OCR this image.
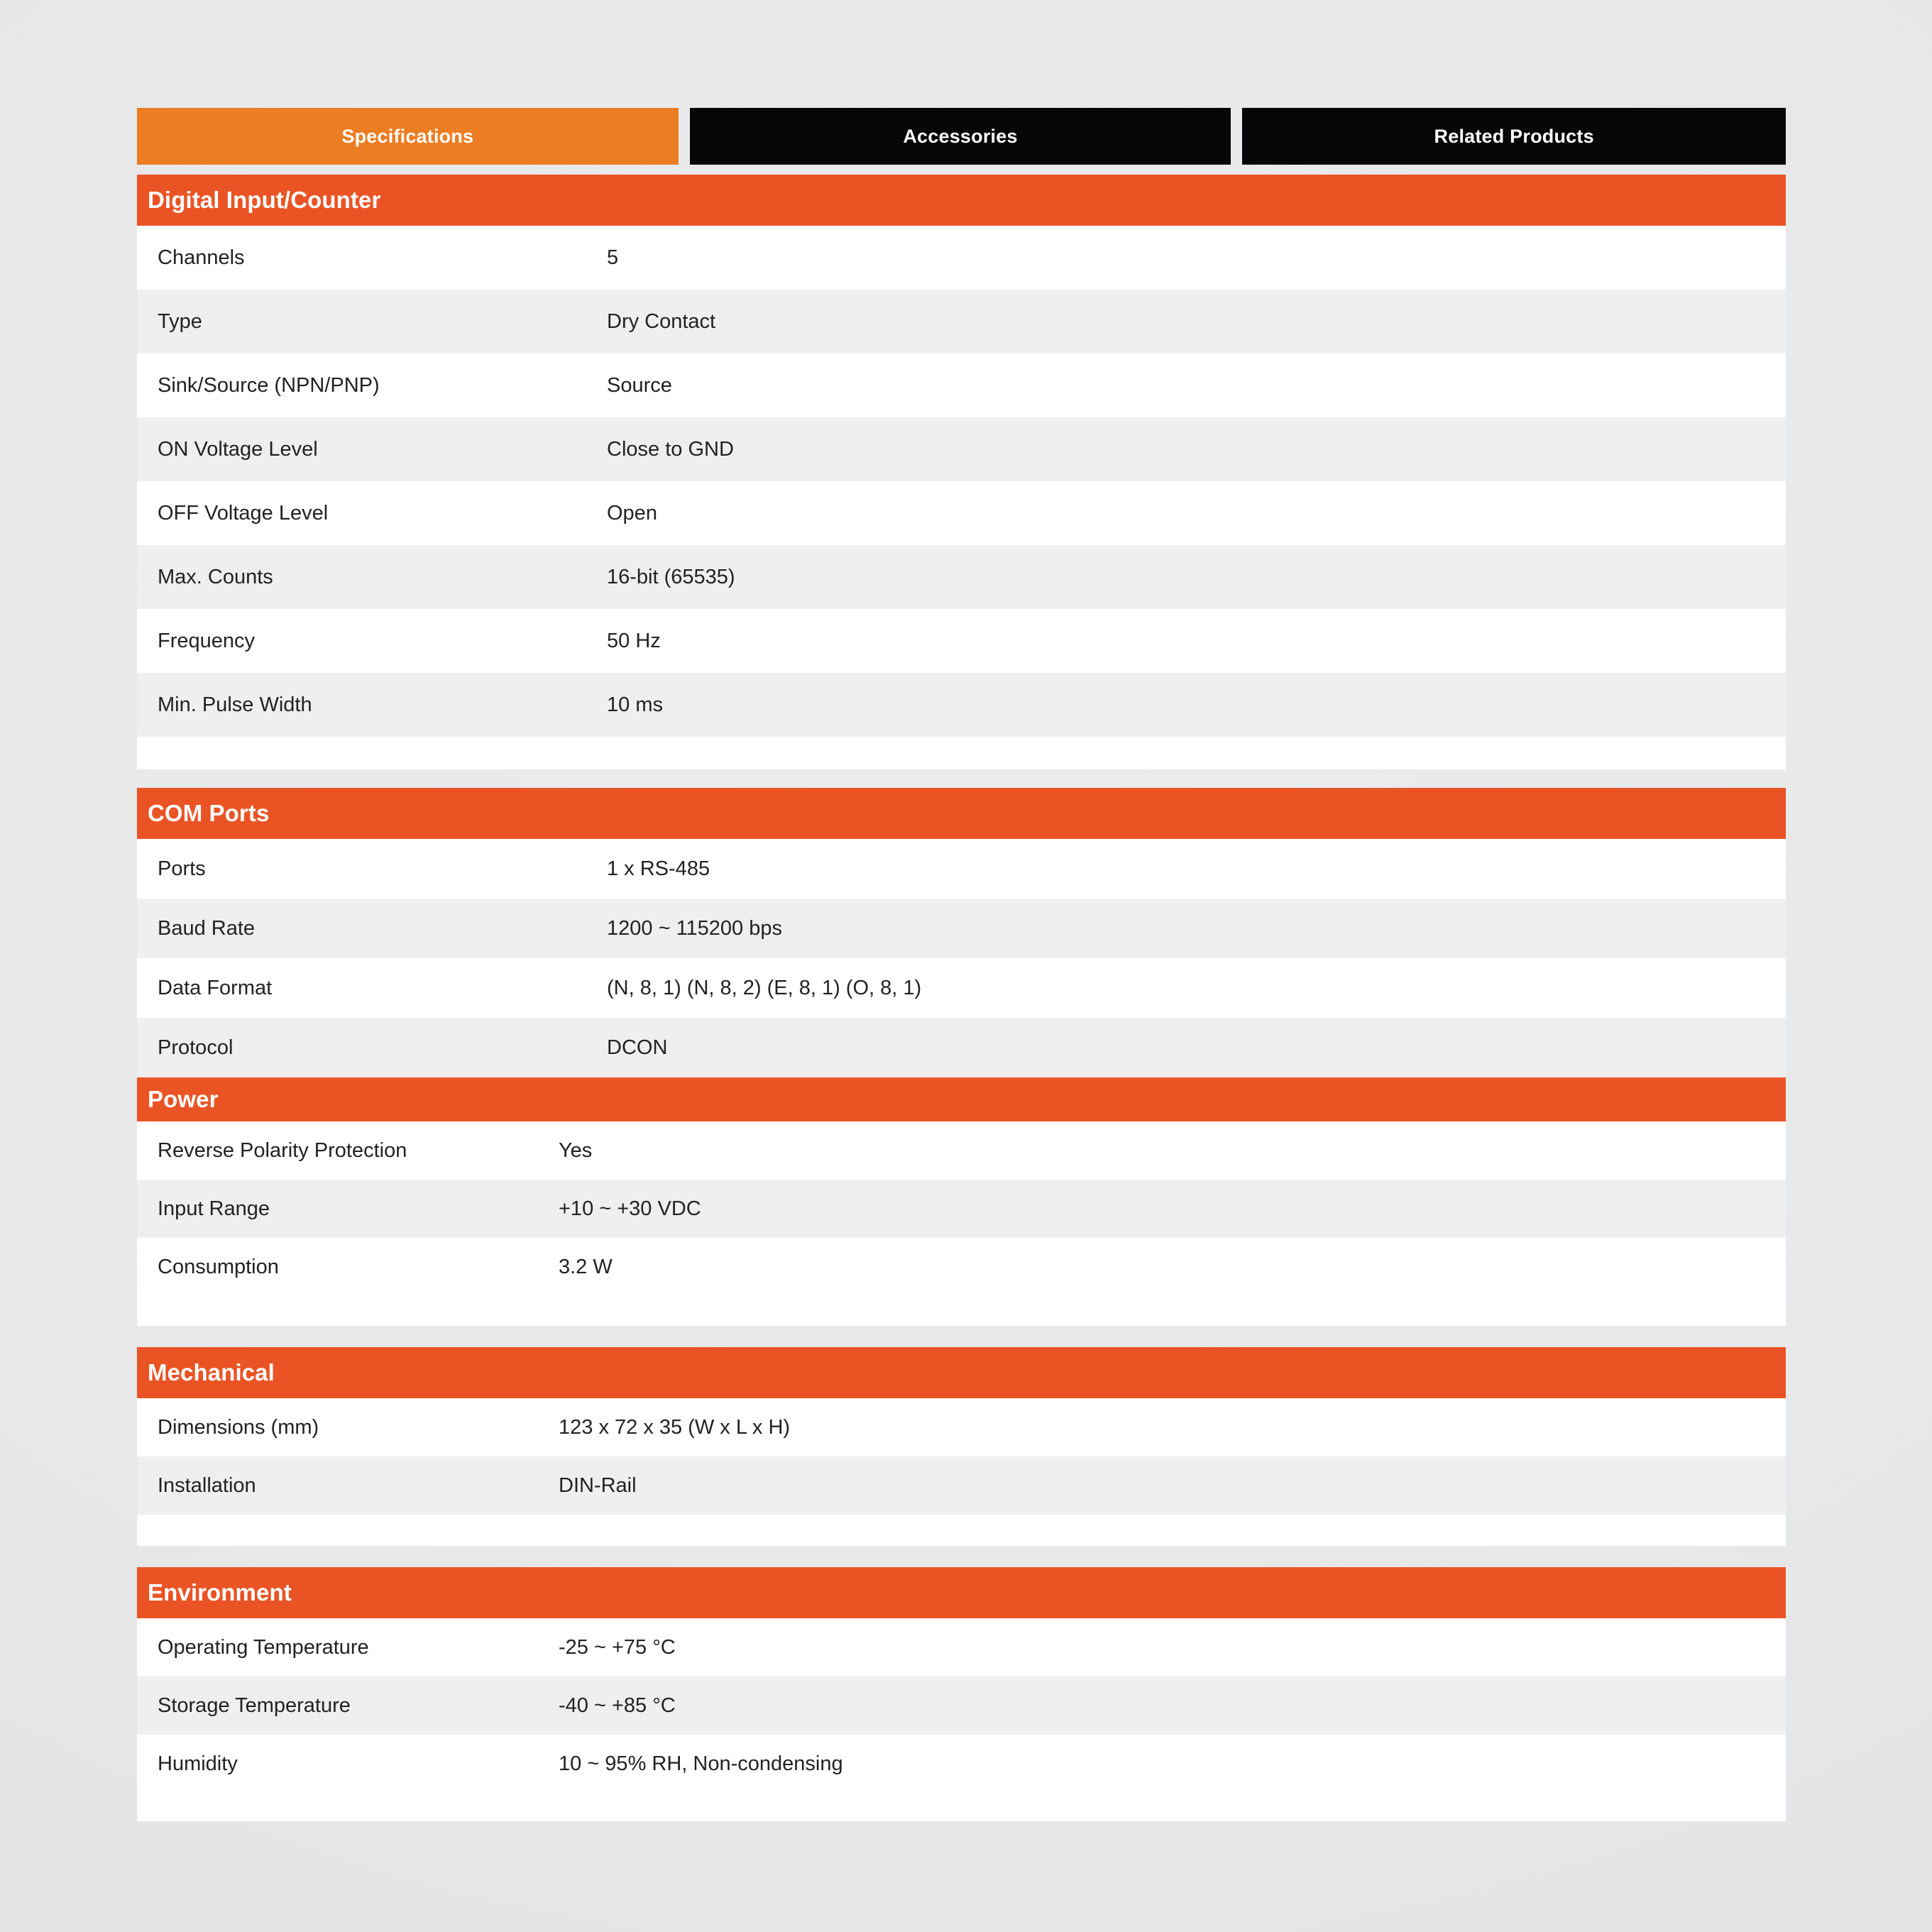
Specifications	Accessories	Related Products
Digital Input/Counter
Channels	5
Type	Dry Contact
Sink/Source (NPN/PNP)	Source
ON Voltage Level	Close to GND
OFF Voltage Level	Open
Max. Counts	16-bit (65535)
Frequency	50 Hz
Min. Pulse Width	10 ms
COM Ports
Ports	1 x RS-485
Baud Rate	1200 ~ 115200 bps
Data Format	(N, 8, 1) (N, 8, 2) (E, 8, 1) (O, 8, 1)
Protocol	DCON
Power
Reverse Polarity Protection	Yes
Input Range	+10 ~ +30 VDC
Consumption	3.2 W
Mechanical
Dimensions (mm)	123 x 72 x 35 (W x L x H)
Installation	DIN-Rail
Environment
Operating Temperature	-25 ~ +75 °C
Storage Temperature	-40 ~ +85 °C
Humidity	10 ~ 95% RH, Non-condensing
